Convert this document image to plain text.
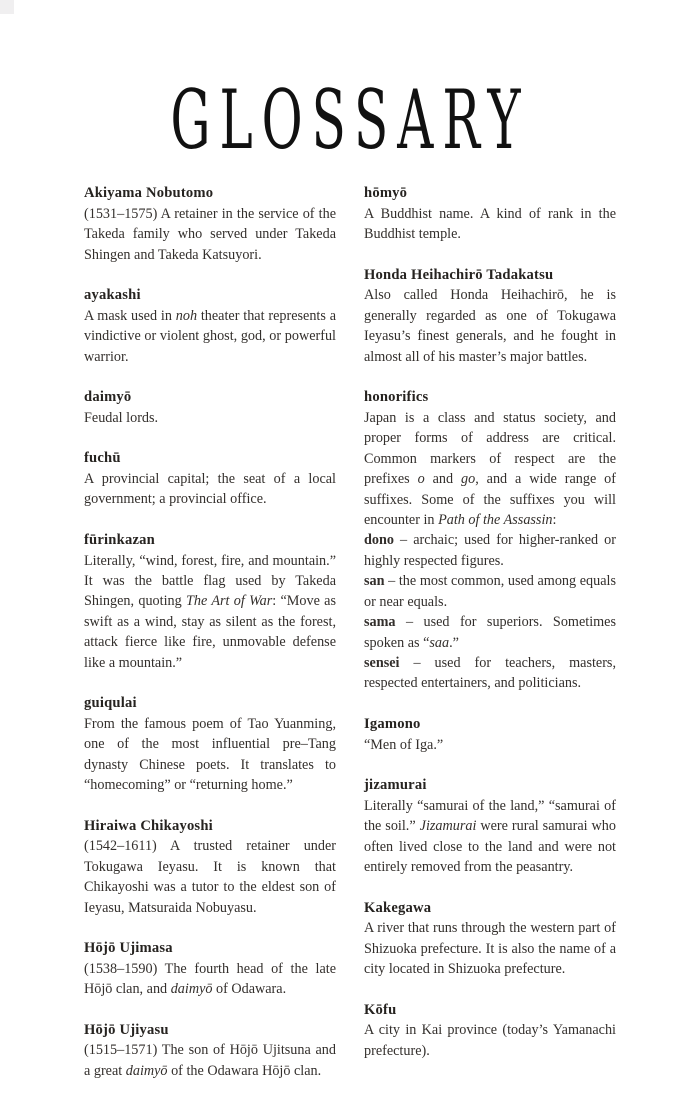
GLOSSARY
Akiyama Nobutomo

(1531–1575) A retainer in the service of the Takeda family who served under Takeda Shingen and Takeda Katsuyori.

ayakashi

A mask used in noh theater that represents a vindictive or violent ghost, god, or powerful warrior.

daimyō

Feudal lords.

fuchū

A provincial capital; the seat of a local government; a provincial office.

fūrinkazan

Literally, “wind, forest, fire, and mountain.” It was the battle flag used by Takeda Shingen, quoting The Art of War: “Move as swift as a wind, stay as silent as the forest, attack fierce like fire, unmovable defense like a mountain.”

guiqulai

From the famous poem of Tao Yuanming, one of the most influential pre–Tang dynasty Chinese poets. It translates to “homecoming” or “returning home.”

Hiraiwa Chikayoshi

(1542–1611) A trusted retainer under Tokugawa Ieyasu. It is known that Chikayoshi was a tutor to the eldest son of Ieyasu, Matsuraida Nobuyasu.

Hōjō Ujimasa

(1538–1590) The fourth head of the late Hōjō clan, and daimyō of Odawara.

Hōjō Ujiyasu

(1515–1571) The son of Hōjō Ujitsuna and a great daimyō of the Odawara Hōjō clan.

hōmyō

A Buddhist name. A kind of rank in the Buddhist temple.

Honda Heihachirō Tadakatsu

Also called Honda Heihachirō, he is generally regarded as one of Tokugawa Ieyasu’s finest generals, and he fought in almost all of his master’s major battles.

honorifics

Japan is a class and status society, and proper forms of address are critical. Common markers of respect are the prefixes o and go, and a wide range of suffixes. Some of the suffixes you will encounter in Path of the Assassin:

dono – archaic; used for higher-ranked or highly respected figures.

san – the most common, used among equals or near equals.

sama – used for superiors. Sometimes spoken as “saa.”

sensei – used for teachers, masters, respected entertainers, and politicians.

Igamono

“Men of Iga.”

jizamurai

Literally “samurai of the land,” “samurai of the soil.” Jizamurai were rural samurai who often lived close to the land and were not entirely removed from the peasantry.

Kakegawa

A river that runs through the western part of Shizuoka prefecture. It is also the name of a city located in Shizuoka prefecture.

Kōfu

A city in Kai province (today’s Yamanachi prefecture).
